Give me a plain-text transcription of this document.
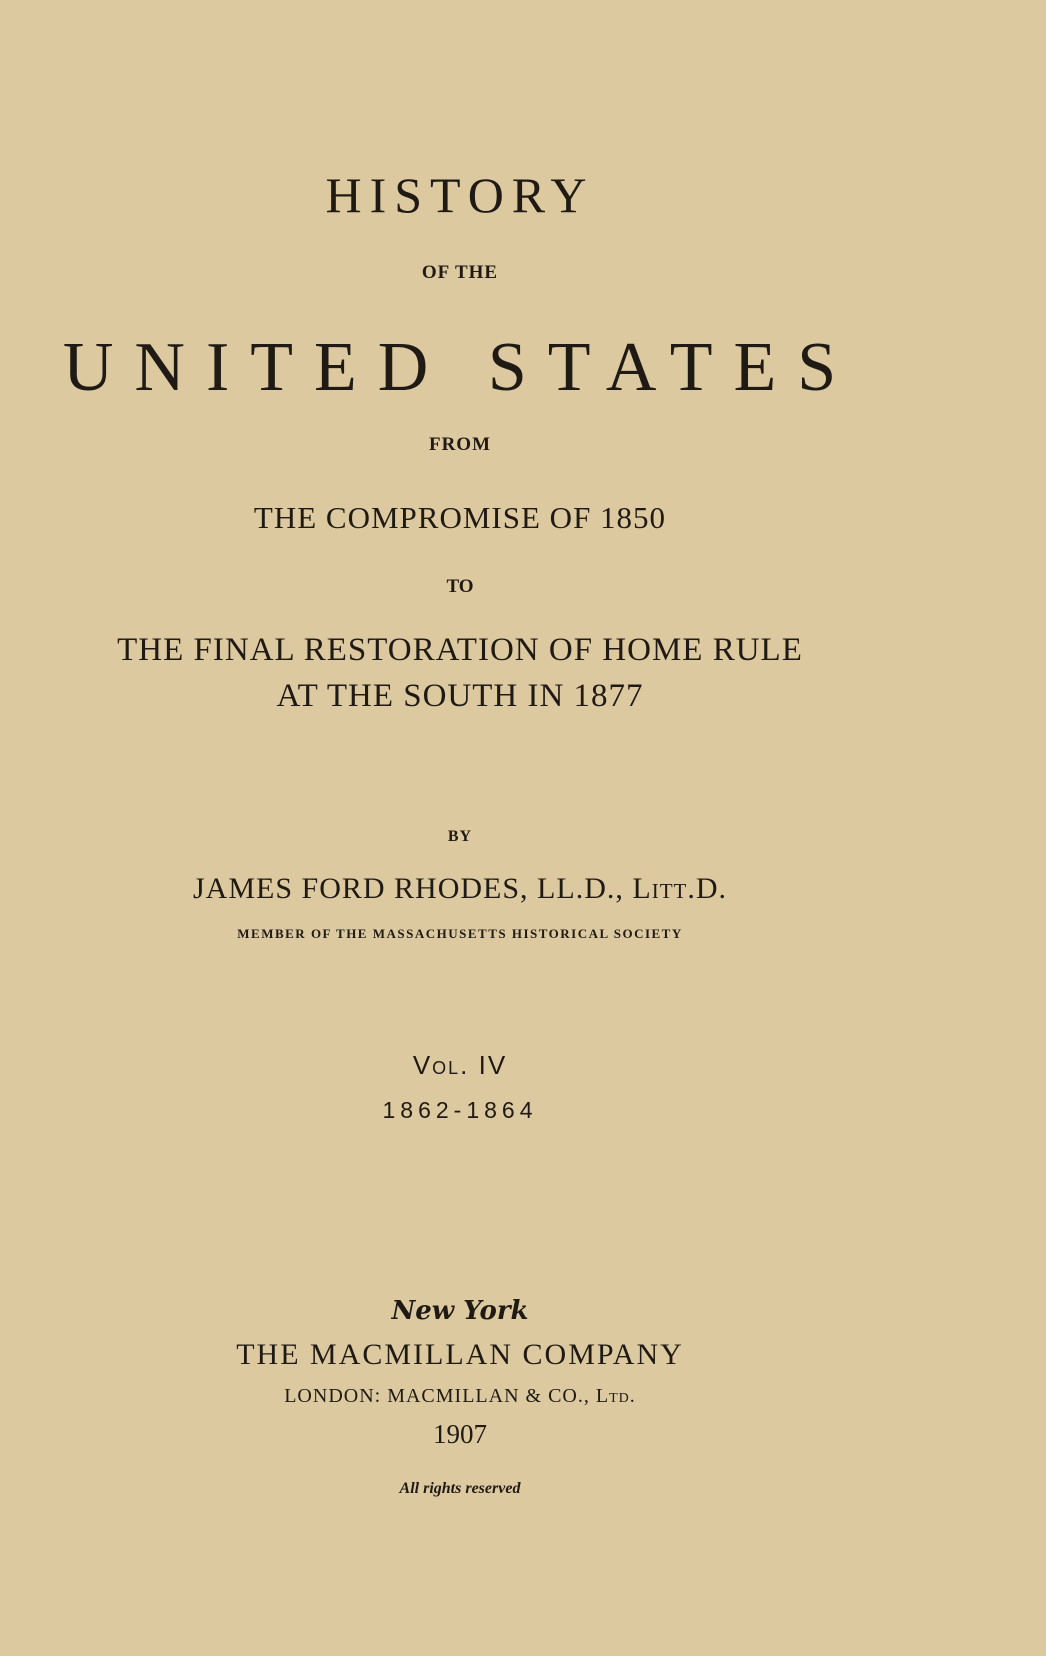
HISTORY
OF THE
UNITED STATES
FROM
THE COMPROMISE OF 1850
TO
THE FINAL RESTORATION OF HOME RULE
AT THE SOUTH IN 1877
BY
JAMES FORD RHODES, LL.D., Litt.D.
MEMBER OF THE MASSACHUSETTS HISTORICAL SOCIETY
Vol. IV
1862-1864
New York
THE MACMILLAN COMPANY
LONDON: MACMILLAN & CO., Ltd.
1907
All rights reserved
